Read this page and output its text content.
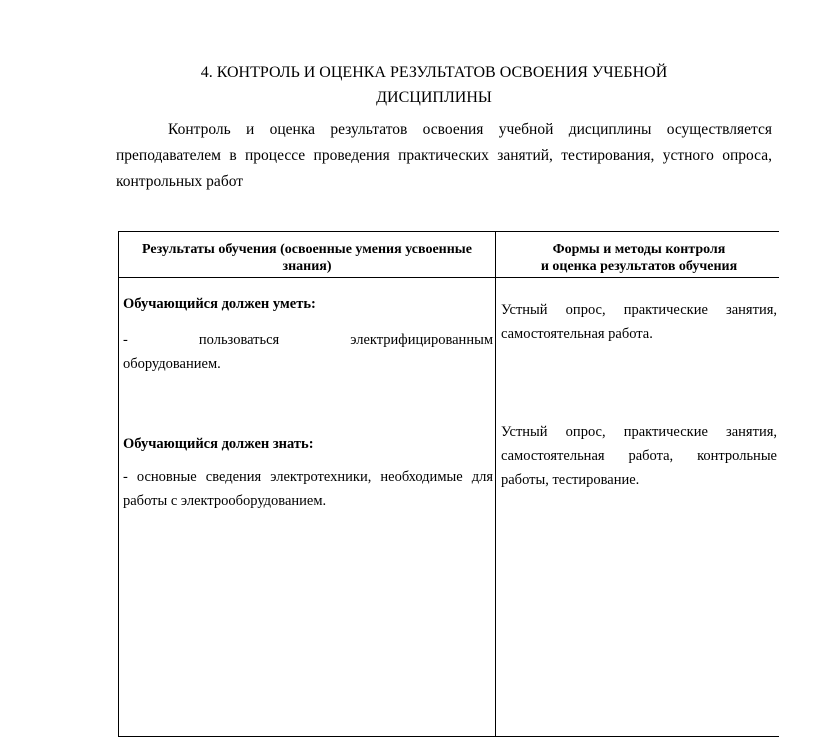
4. КОНТРОЛЬ И ОЦЕНКА РЕЗУЛЬТАТОВ ОСВОЕНИЯ УЧЕБНОЙ
ДИСЦИПЛИНЫ
Контроль и оценка результатов освоения учебной дисциплины осуществляется преподавателем в процессе проведения практических занятий, тестирования, устного опроса, контрольных работ
Результаты обучения (освоенные умения усвоенные знания)
Формы и методы контроля
и оценка результатов обучения
Обучающийся должен уметь:
- пользоваться электрифицированным
оборудованием.
Устный опрос, практические занятия, самостоятельная работа.
Обучающийся должен знать:
- основные сведения электротехники, необходимые для работы с электрооборудованием.
Устный опрос, практические занятия, самостоятельная работа, контрольные работы, тестирование.
